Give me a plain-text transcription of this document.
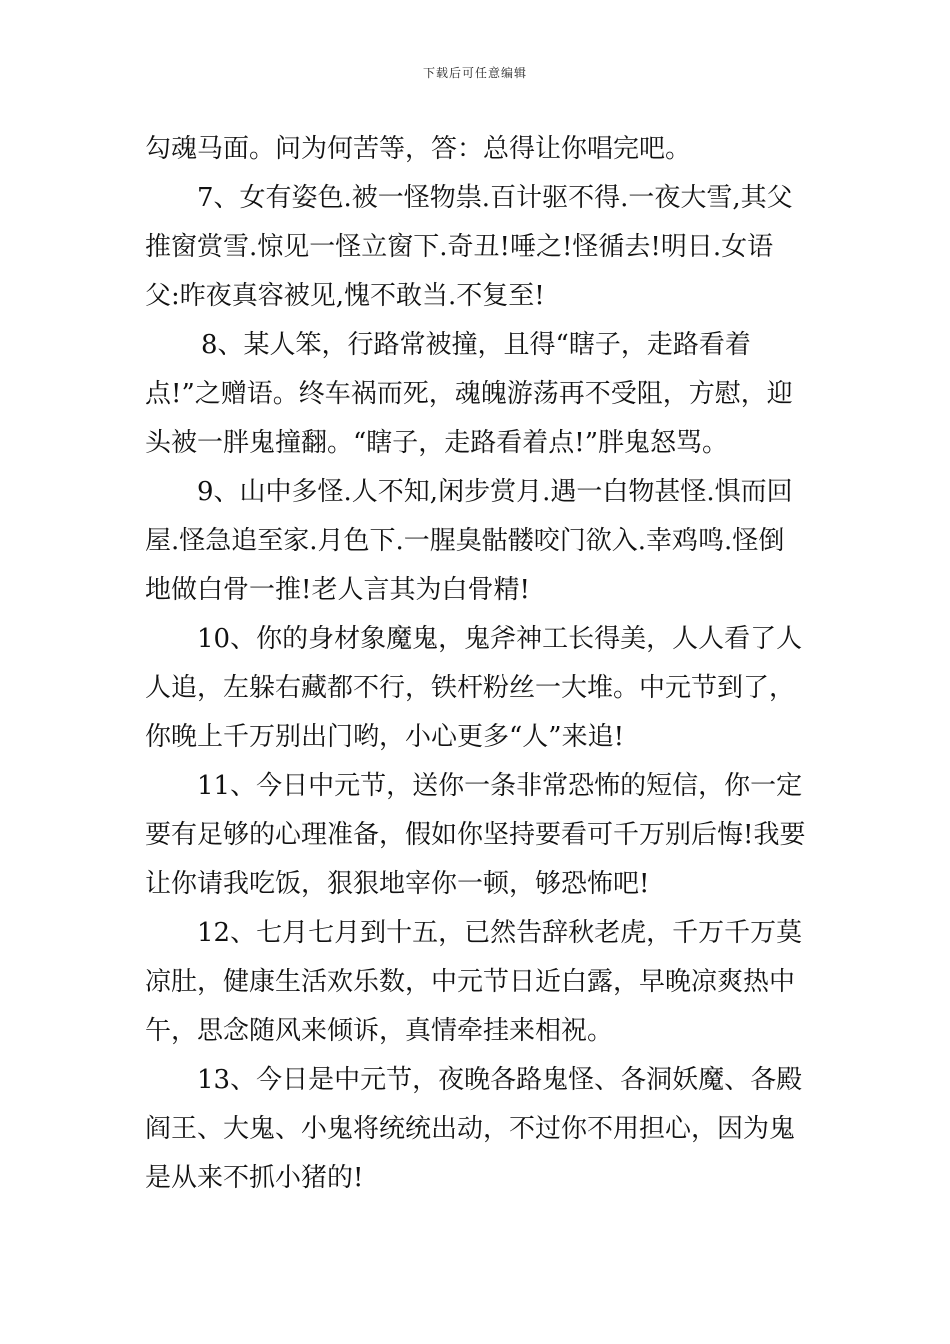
下载后可任意编辑
勾魂马面。问为何苦等，答：总得让你唱完吧。
7、女有姿色.被一怪物祟.百计驱不得.一夜大雪,其父
推窗赏雪.惊见一怪立窗下.奇丑!唾之!怪循去!明日.女语
父:昨夜真容被见,愧不敢当.不复至!
8、某人笨，行路常被撞，且得“瞎子，走路看着
点!”之赠语。终车祸而死，魂魄游荡再不受阻，方慰，迎
头被一胖鬼撞翻。“瞎子，走路看着点!”胖鬼怒骂。
9、山中多怪.人不知,闲步赏月.遇一白物甚怪.惧而回
屋.怪急追至家.月色下.一腥臭骷髅咬门欲入.幸鸡鸣.怪倒
地做白骨一推!老人言其为白骨精!
10、你的身材象魔鬼，鬼斧神工长得美，人人看了人
人追，左躲右藏都不行，铁杆粉丝一大堆。中元节到了，
你晚上千万别出门哟，小心更多“人”来追!
11、今日中元节，送你一条非常恐怖的短信，你一定
要有足够的心理准备，假如你坚持要看可千万别后悔!我要
让你请我吃饭，狠狠地宰你一顿，够恐怖吧!
12、七月七月到十五，已然告辞秋老虎，千万千万莫
凉肚，健康生活欢乐数，中元节日近白露，早晚凉爽热中
午，思念随风来倾诉，真情牵挂来相祝。
13、今日是中元节，夜晚各路鬼怪、各洞妖魔、各殿
阎王、大鬼、小鬼将统统出动，不过你不用担心，因为鬼
是从来不抓小猪的!
